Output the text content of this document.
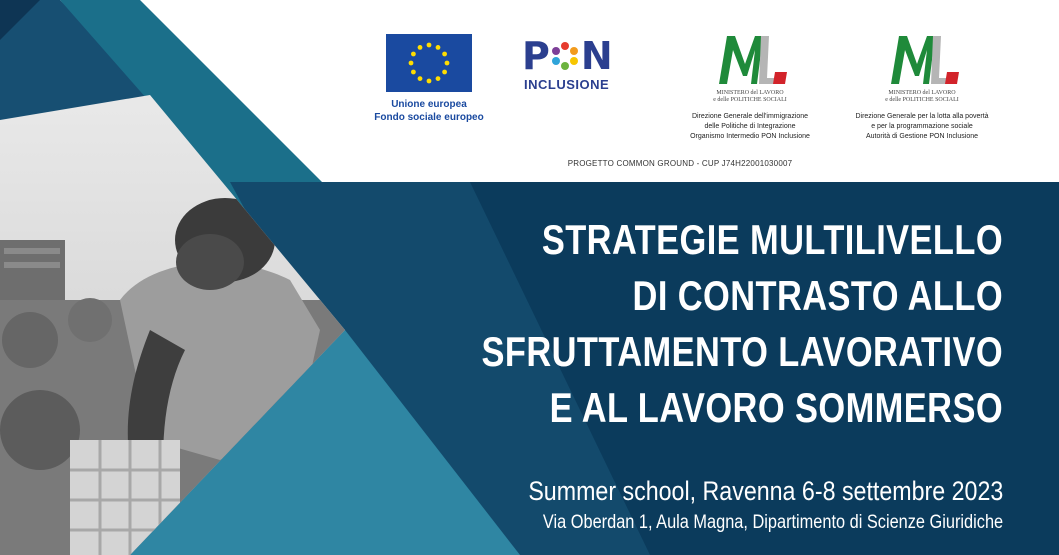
Unione europea
Fondo sociale europeo
P N
INCLUSIONE
MINISTERO del LAVORO
e delle POLITICHE SOCIALI
Direzione Generale dell'immigrazione
delle Politiche di Integrazione
Organismo Intermedio PON Inclusione
MINISTERO del LAVORO
e delle POLITICHE SOCIALI
Direzione Generale per la lotta alla povertà
e per la programmazione sociale
Autorità di Gestione PON Inclusione
PROGETTO COMMON GROUND - CUP J74H22001030007
STRATEGIE MULTILIVELLO
DI CONTRASTO ALLO
SFRUTTAMENTO LAVORATIVO
E AL LAVORO SOMMERSO
Summer school, Ravenna 6-8 settembre 2023
Via Oberdan 1, Aula Magna, Dipartimento di Scienze Giuridiche
